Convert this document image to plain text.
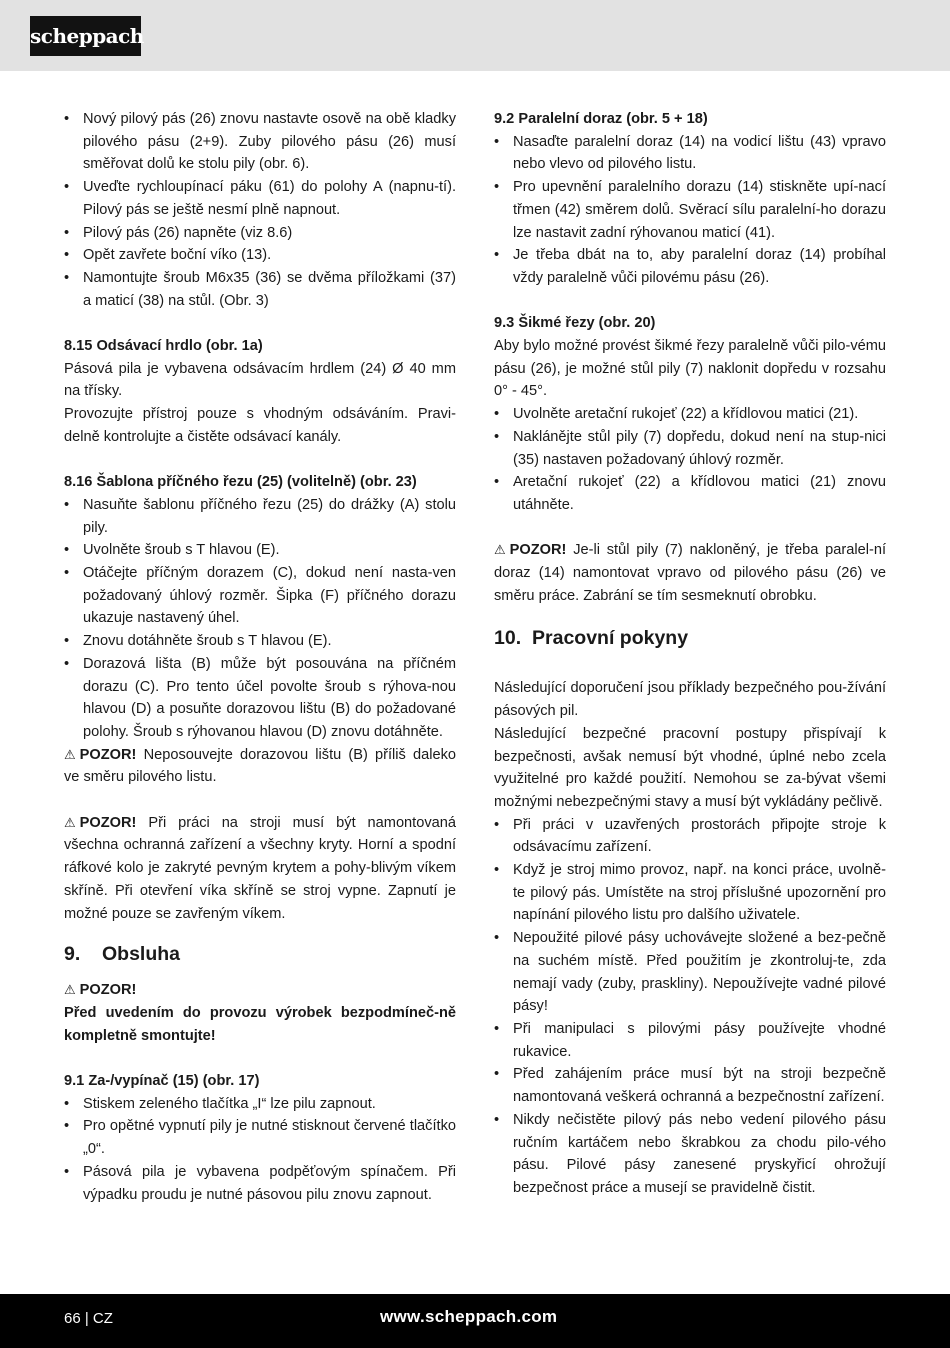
scheppach
• Nový pilový pás (26) znovu nastavte osově na obě kladky pilového pásu (2+9). Zuby pilového pásu (26) musí směřovat dolů ke stolu pily (obr. 6).
• Uveďte rychloupínací páku (61) do polohy A (napnu-tí). Pilový pás se ještě nesmí plně napnout.
• Pilový pás (26) napněte (viz 8.6)
• Opět zavřete boční víko (13).
• Namontujte šroub M6x35 (36) se dvěma příložkami (37) a maticí (38) na stůl. (Obr. 3)
8.15 Odsávací hrdlo (obr. 1a)
Pásová pila je vybavena odsávacím hrdlem (24) Ø 40 mm na třísky.
Provozujte přístroj pouze s vhodným odsáváním. Pravi-delně kontrolujte a čistěte odsávací kanály.
8.16 Šablona příčného řezu (25) (volitelně) (obr. 23)
• Nasuňte šablonu příčného řezu (25) do drážky (A) stolu pily.
• Uvolněte šroub s T hlavou (E).
• Otáčejte příčným dorazem (C), dokud není nasta-ven požadovaný úhlový rozměr. Šipka (F) příčného dorazu ukazuje nastavený úhel.
• Znovu dotáhněte šroub s T hlavou (E).
• Dorazová lišta (B) může být posouvána na příčném dorazu (C). Pro tento účel povolte šroub s rýhova-nou hlavou (D) a posuňte dorazovou lištu (B) do požadované polohy. Šroub s rýhovanou hlavou (D) znovu dotáhněte.
⚠ POZOR! Neposouvejte dorazovou lištu (B) příliš daleko ve směru pilového listu.
⚠ POZOR! Při práci na stroji musí být namontovaná všechna ochranná zařízení a všechny kryty. Horní a spodní ráfkové kolo je zakryté pevným krytem a pohy-blivým víkem skříně. Při otevření víka skříně se stroj vypne. Zapnutí je možné pouze se zavřeným víkem.
9.	Obsluha
⚠ POZOR!
Před uvedením do provozu výrobek bezpodmíneč-ně kompletně smontujte!
9.1 Za-/vypínač (15) (obr. 17)
• Stiskem zeleného tlačítka „I“ lze pilu zapnout.
• Pro opětné vypnutí pily je nutné stisknout červené tlačítko „0“.
• Pásová pila je vybavena podpěťovým spínačem. Při výpadku proudu je nutné pásovou pilu znovu zapnout.
9.2 Paralelní doraz (obr. 5 + 18)
• Nasaďte paralelní doraz (14) na vodicí lištu (43) vpravo nebo vlevo od pilového listu.
• Pro upevnění paralelního dorazu (14) stiskněte upí-nací třmen (42) směrem dolů. Svěrací sílu paralelní-ho dorazu lze nastavit zadní rýhovanou maticí (41).
• Je třeba dbát na to, aby paralelní doraz (14) probíhal vždy paralelně vůči pilovému pásu (26).
9.3 Šikmé řezy (obr. 20)
Aby bylo možné provést šikmé řezy paralelně vůči pilo-vému pásu (26), je možné stůl pily (7) naklonit dopředu v rozsahu 0° - 45°.
• Uvolněte aretační rukojeť (22) a křídlovou matici (21).
• Naklánějte stůl pily (7) dopředu, dokud není na stup-nici (35) nastaven požadovaný úhlový rozměr.
• Aretační rukojeť (22) a křídlovou matici (21) znovu utáhněte.
⚠ POZOR! Je-li stůl pily (7) nakloněný, je třeba paralel-ní doraz (14) namontovat vpravo od pilového pásu (26) ve směru práce. Zabrání se tím sesmeknutí obrobku.
10. Pracovní pokyny
Následující doporučení jsou příklady bezpečného pou-žívání pásových pil.
Následující bezpečné pracovní postupy přispívají k bezpečnosti, avšak nemusí být vhodné, úplné nebo zcela využitelné pro každé použití. Nemohou se za-bývat všemi možnými nebezpečnými stavy a musí být vykládány pečlivě.
• Při práci v uzavřených prostorách připojte stroje k odsávacímu zařízení.
• Když je stroj mimo provoz, např. na konci práce, uvolně-te pilový pás. Umístěte na stroj příslušné upozornění pro napínání pilového listu pro dalšího uživatele.
• Nepoužité pilové pásy uchovávejte složené a bez-pečně na suchém místě. Před použitím je zkontroluj-te, zda nemají vady (zuby, praskliny). Nepoužívejte vadné pilové pásy!
• Při manipulaci s pilovými pásy používejte vhodné rukavice.
• Před zahájením práce musí být na stroji bezpečně namontovaná veškerá ochranná a bezpečnostní zařízení.
• Nikdy nečistěte pilový pás nebo vedení pilového pásu ručním kartáčem nebo škrabkou za chodu pilo-vého pásu. Pilové pásy zanesené pryskyřicí ohrožují bezpečnost práce a musejí se pravidelně čistit.
66 | CZ	www.scheppach.com
